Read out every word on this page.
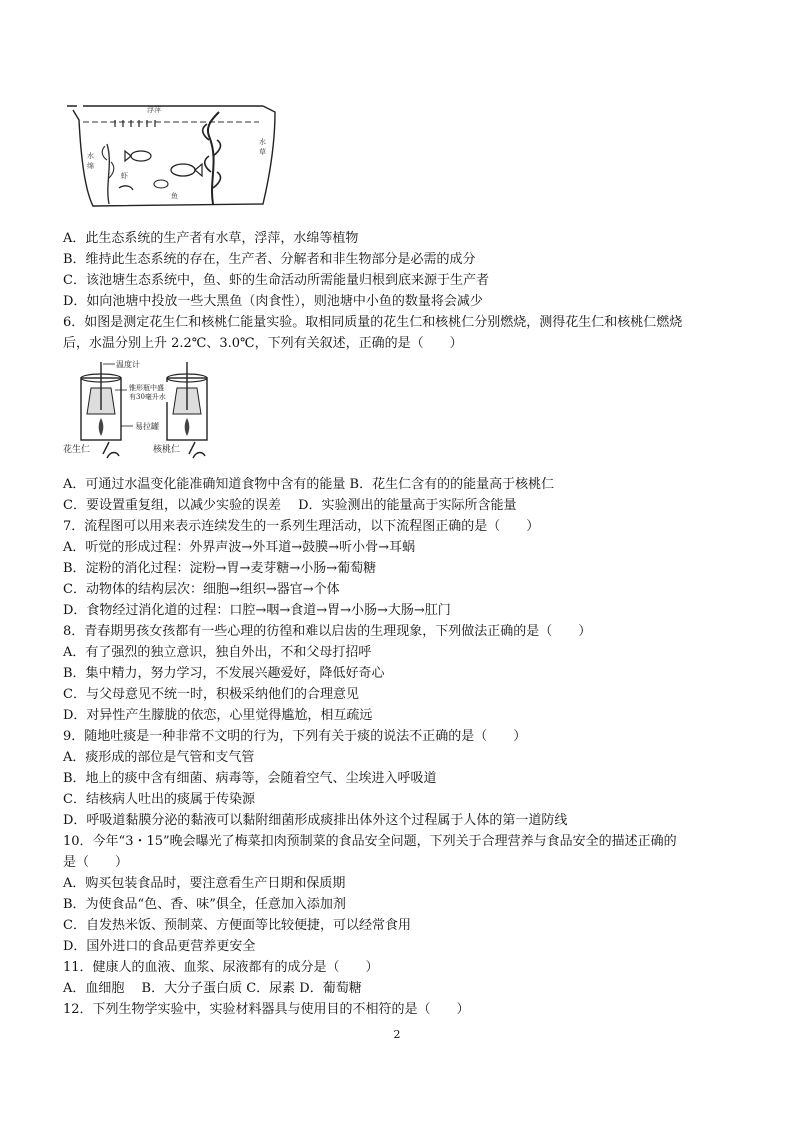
浮萍
水
绵
水
草
虾
鱼
A．此生态系统的生产者有水草，浮萍，水绵等植物
B．维持此生态系统的存在，生产者、分解者和非生物部分是必需的成分
C．该池塘生态系统中，鱼、虾的生命活动所需能量归根到底来源于生产者
D．如向池塘中投放一些大黑鱼（肉食性），则池塘中小鱼的数量将会减少
6．如图是测定花生仁和核桃仁能量实验。取相同质量的花生仁和核桃仁分别燃烧，测得花生仁和核桃仁燃烧
后，水温分别上升 2.2℃、3.0℃，下列有关叙述，正确的是（　　）
温度计
锥形瓶中盛
有30毫升水
易拉罐
花生仁	核桃仁
A．可通过水温变化能准确知道食物中含有的能量 B．花生仁含有的的能量高于核桃仁
C．要设置重复组，以减少实验的误差　 D．实验测出的能量高于实际所含能量
7．流程图可以用来表示连续发生的一系列生理活动，以下流程图正确的是（　　）
A．听觉的形成过程：外界声波→外耳道→鼓膜→听小骨→耳蜗
B．淀粉的消化过程：淀粉→胃→麦芽糖→小肠→葡萄糖
C．动物体的结构层次：细胞→组织→器官→个体
D．食物经过消化道的过程：口腔→咽→食道→胃→小肠→大肠→肛门
8．青春期男孩女孩都有一些心理的彷徨和难以启齿的生理现象，下列做法正确的是（　　）
A．有了强烈的独立意识，独自外出，不和父母打招呼
B．集中精力，努力学习，不发展兴趣爱好，降低好奇心
C．与父母意见不统一时，积极采纳他们的合理意见
D．对异性产生朦胧的依恋，心里觉得尴尬，相互疏远
9．随地吐痰是一种非常不文明的行为，下列有关于痰的说法不正确的是（　　）
A．痰形成的部位是气管和支气管
B．地上的痰中含有细菌、病毒等，会随着空气、尘埃进入呼吸道
C．结核病人吐出的痰属于传染源
D．呼吸道黏膜分泌的黏液可以黏附细菌形成痰排出体外这个过程属于人体的第一道防线
10．今年“3・15”晚会曝光了梅菜扣肉预制菜的食品安全问题，下列关于合理营养与食品安全的描述正确的
是（　　）
A．购买包装食品时，要注意看生产日期和保质期
B．为使食品“色、香、味”俱全，任意加入添加剂
C．自发热米饭、预制菜、方便面等比较便捷，可以经常食用
D．国外进口的食品更营养更安全
11．健康人的血液、血浆、尿液都有的成分是（　　）
A．血细胞　 B．大分子蛋白质 C．尿素 D．葡萄糖
12．下列生物学实验中，实验材料器具与使用目的不相符的是（　　）
2
